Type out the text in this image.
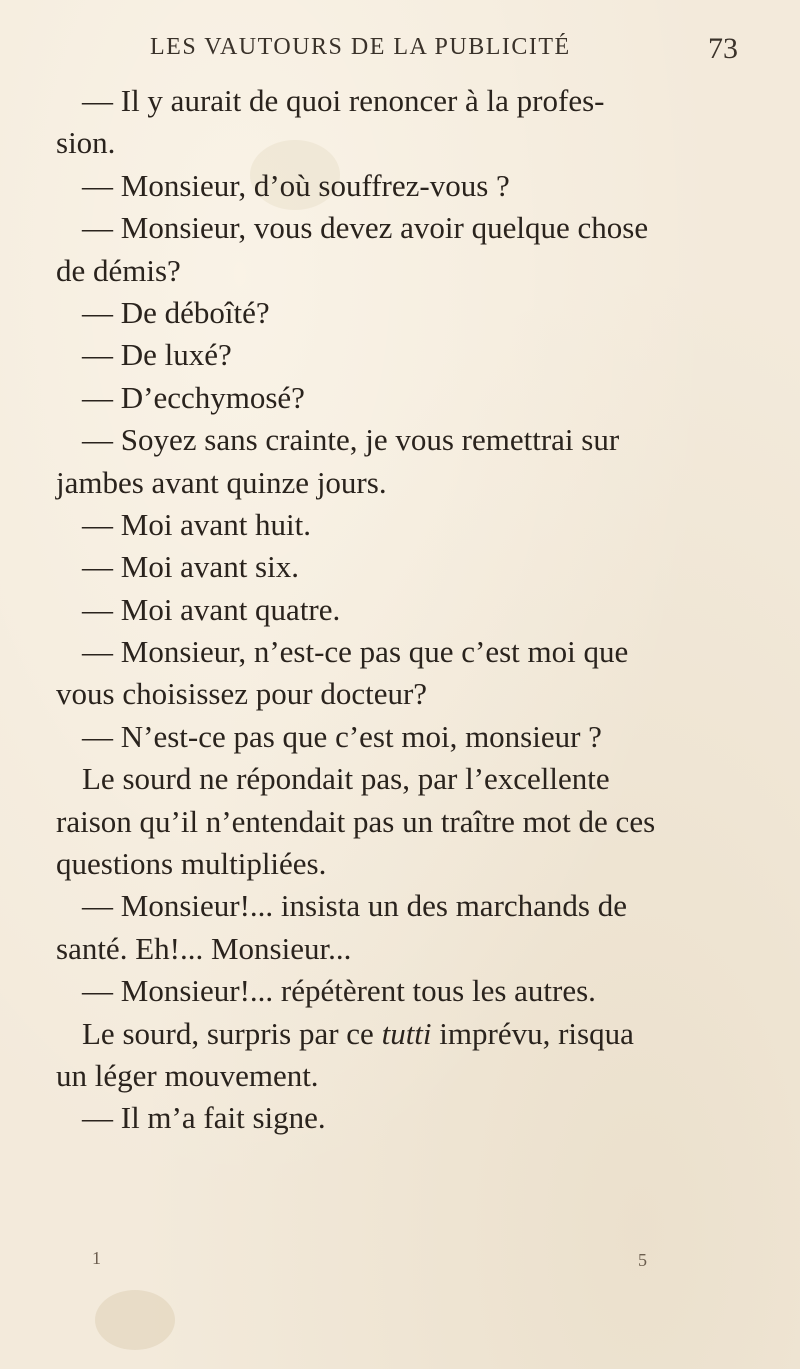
LES VAUTOURS DE LA PUBLICITÉ	73
— Il y aurait de quoi renoncer à la profes-
sion.
— Monsieur, d’où souffrez-vous ?
— Monsieur, vous devez avoir quelque chose
de démis?
— De déboîté?
— De luxé?
— D’ecchymosé?
— Soyez sans crainte, je vous remettrai sur
jambes avant quinze jours.
— Moi avant huit.
— Moi avant six.
— Moi avant quatre.
— Monsieur, n’est-ce pas que c’est moi que
vous choisissez pour docteur?
— N’est-ce pas que c’est moi, monsieur ?
Le sourd ne répondait pas, par l’excellente
raison qu’il n’entendait pas un traître mot de ces
questions multipliées.
— Monsieur!... insista un des marchands de
santé. Eh!... Monsieur...
— Monsieur!... répétèrent tous les autres.
Le sourd, surpris par ce tutti imprévu, risqua
un léger mouvement.
— Il m’a fait signe.
1	5
